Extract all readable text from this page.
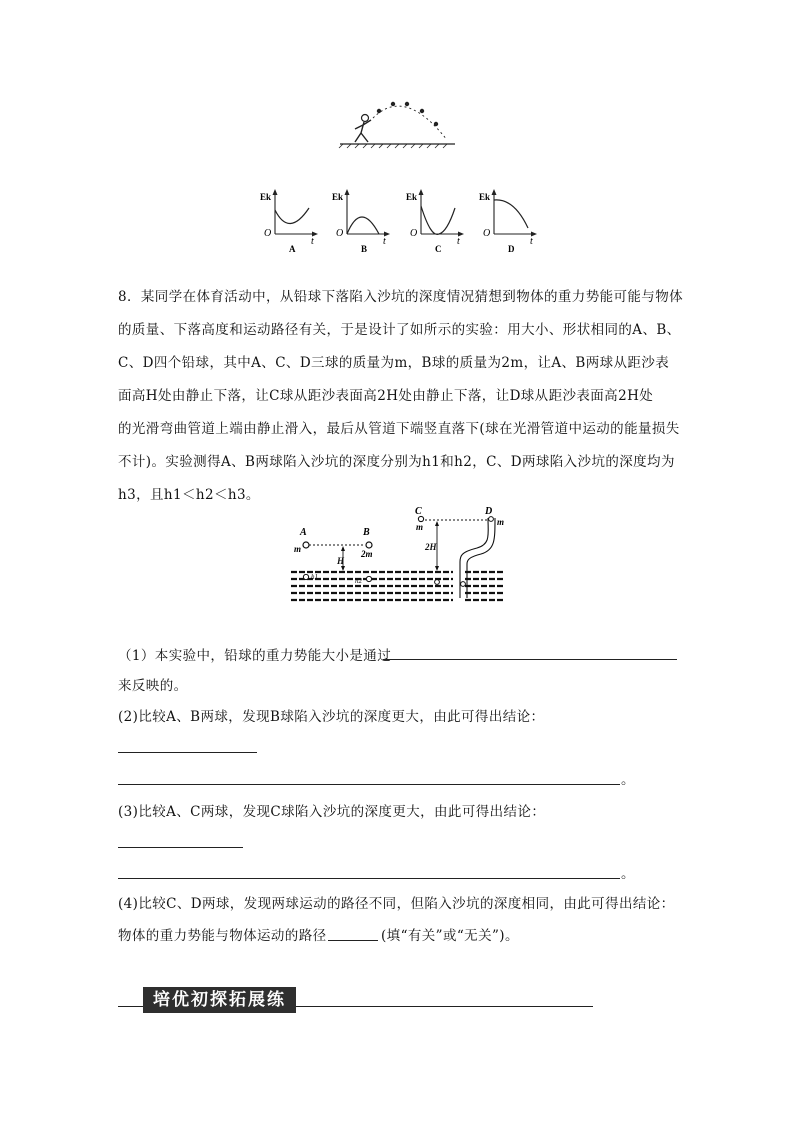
Ek
O
t
A
Ek
O
t
B
Ek
O
t
C
Ek
O
t
D
8．某同学在体育活动中，从铅球下落陷入沙坑的深度情况猜想到物体的重力势能可能与物体
的质量、下落高度和运动路径有关，于是设计了如所示的实验：用大小、形状相同的A、B、
C、D四个铅球，其中A、C、D三球的质量为m，B球的质量为2m，让A、B两球从距沙表
面高H处由静止下落，让C球从距沙表面高2H处由静止下落，让D球从距沙表面高2H处
的光滑弯曲管道上端由静止滑入，最后从管道下端竖直落下(球在光滑管道中运动的能量损失
不计)。实验测得A、B两球陷入沙坑的深度分别为h1和h2，C、D两球陷入沙坑的深度均为
h3，且h1＜h2＜h3。
A
m
B
2m
H
h1	h2
C
m
2H
D
m
（1）本实验中，铅球的重力势能大小是通过
来反映的。
(2)比较A、B两球，发现B球陷入沙坑的深度更大，由此可得出结论：
。
(3)比较A、C两球，发现C球陷入沙坑的深度更大，由此可得出结论：
。
(4)比较C、D两球，发现两球运动的路径不同，但陷入沙坑的深度相同，由此可得出结论：
物体的重力势能与物体运动的路径	(填“有关”或“无关”)。
培优初探拓展练
